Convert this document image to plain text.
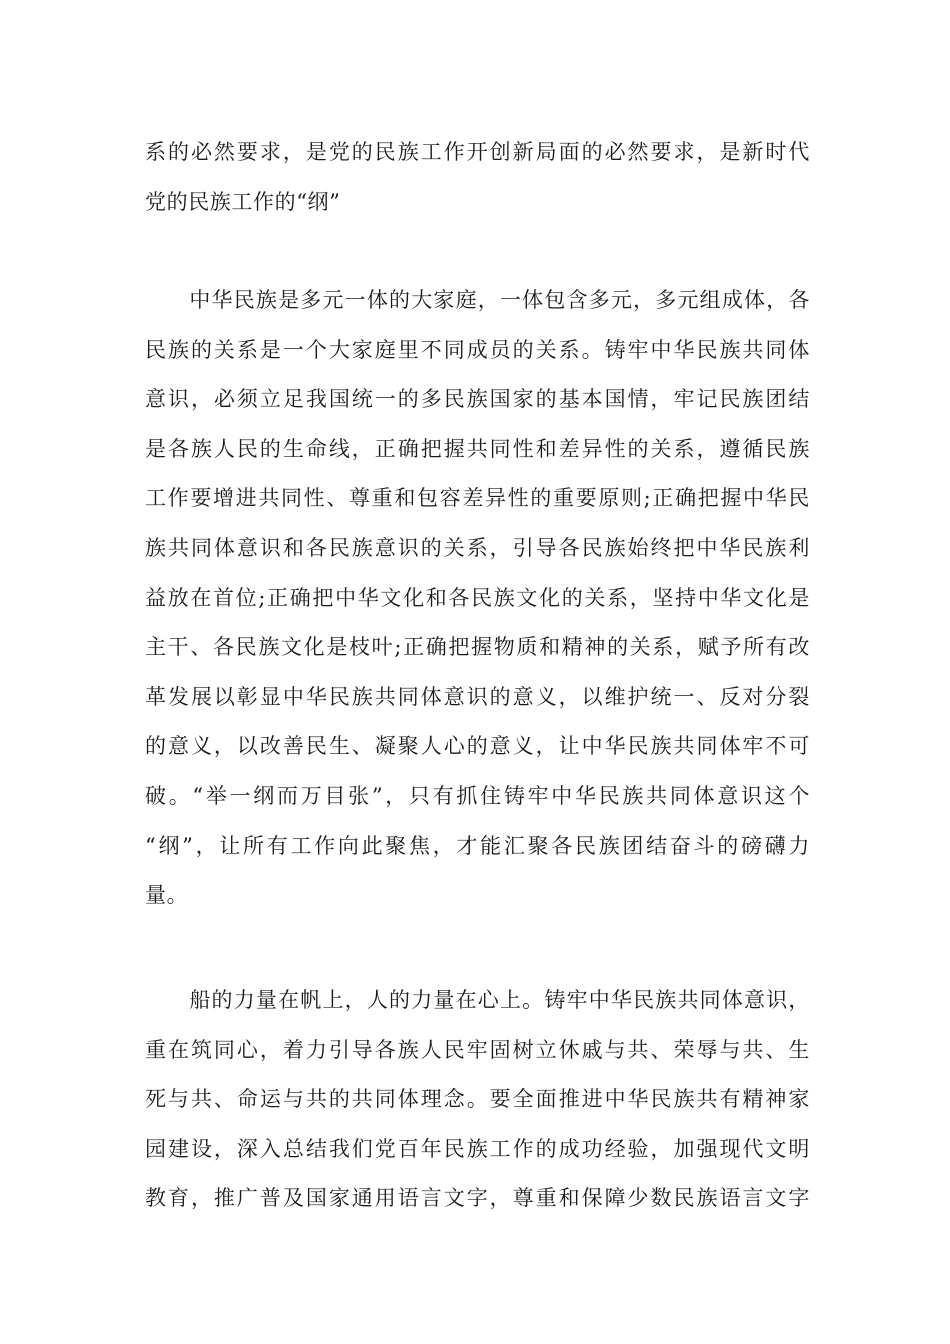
系的必然要求，是党的民族工作开创新局面的必然要求，是新时代
党的民族工作的“纲”
　　中华民族是多元一体的大家庭，一体包含多元，多元组成体，各
民族的关系是一个大家庭里不同成员的关系。铸牢中华民族共同体
意识，必须立足我国统一的多民族国家的基本国情，牢记民族团结
是各族人民的生命线，正确把握共同性和差异性的关系，遵循民族
工作要增进共同性、尊重和包容差异性的重要原则;正确把握中华民
族共同体意识和各民族意识的关系，引导各民族始终把中华民族利
益放在首位;正确把中华文化和各民族文化的关系，坚持中华文化是
主干、各民族文化是枝叶;正确把握物质和精神的关系，赋予所有改
革发展以彰显中华民族共同体意识的意义，以维护统一、反对分裂
的意义，以改善民生、凝聚人心的意义，让中华民族共同体牢不可
破。“举一纲而万目张”，只有抓住铸牢中华民族共同体意识这个
“纲”，让所有工作向此聚焦，才能汇聚各民族团结奋斗的磅礴力
量。
　　船的力量在帆上，人的力量在心上。铸牢中华民族共同体意识，
重在筑同心，着力引导各族人民牢固树立休戚与共、荣辱与共、生
死与共、命运与共的共同体理念。要全面推进中华民族共有精神家
园建设，深入总结我们党百年民族工作的成功经验，加强现代文明
教育，推广普及国家通用语言文字，尊重和保障少数民族语言文字
